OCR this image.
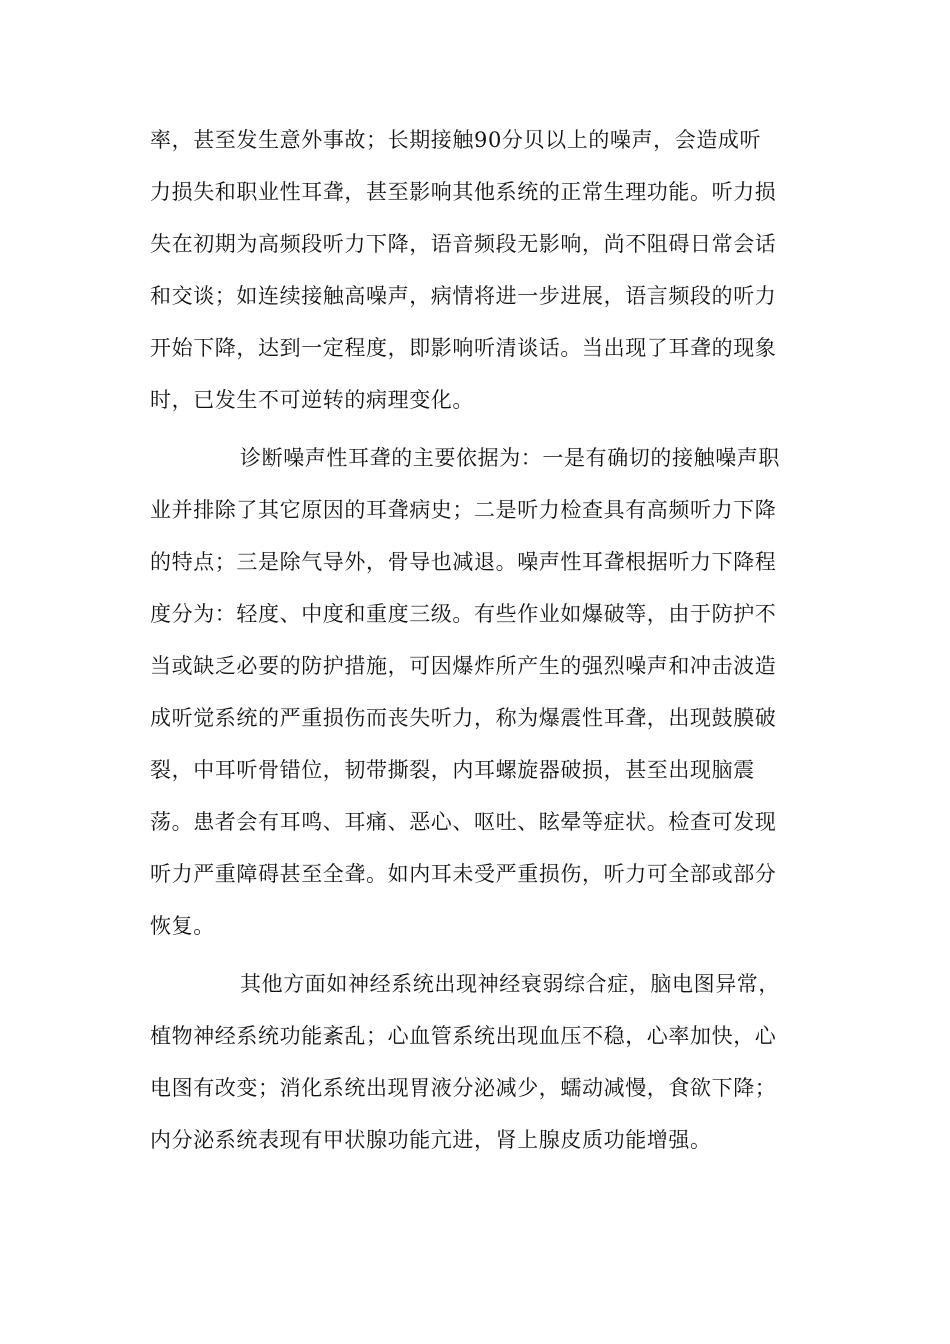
率，甚至发生意外事故；长期接触90分贝以上的噪声，会造成听
力损失和职业性耳聋，甚至影响其他系统的正常生理功能。听力损
失在初期为高频段听力下降，语音频段无影响，尚不阻碍日常会话
和交谈；如连续接触高噪声，病情将进一步进展，语言频段的听力
开始下降，达到一定程度，即影响听清谈话。当出现了耳聋的现象
时，已发生不可逆转的病理变化。
诊断噪声性耳聋的主要依据为：一是有确切的接触噪声职
业并排除了其它原因的耳聋病史；二是听力检查具有高频听力下降
的特点；三是除气导外，骨导也减退。噪声性耳聋根据听力下降程
度分为：轻度、中度和重度三级。有些作业如爆破等，由于防护不
当或缺乏必要的防护措施，可因爆炸所产生的强烈噪声和冲击波造
成听觉系统的严重损伤而丧失听力，称为爆震性耳聋，出现鼓膜破
裂，中耳听骨错位，韧带撕裂，内耳螺旋器破损，甚至出现脑震
荡。患者会有耳鸣、耳痛、恶心、呕吐、眩晕等症状。检查可发现
听力严重障碍甚至全聋。如内耳未受严重损伤，听力可全部或部分
恢复。
其他方面如神经系统出现神经衰弱综合症，脑电图异常，
植物神经系统功能紊乱；心血管系统出现血压不稳，心率加快，心
电图有改变；消化系统出现胃液分泌减少，蠕动减慢，食欲下降；
内分泌系统表现有甲状腺功能亢进，肾上腺皮质功能增强。
